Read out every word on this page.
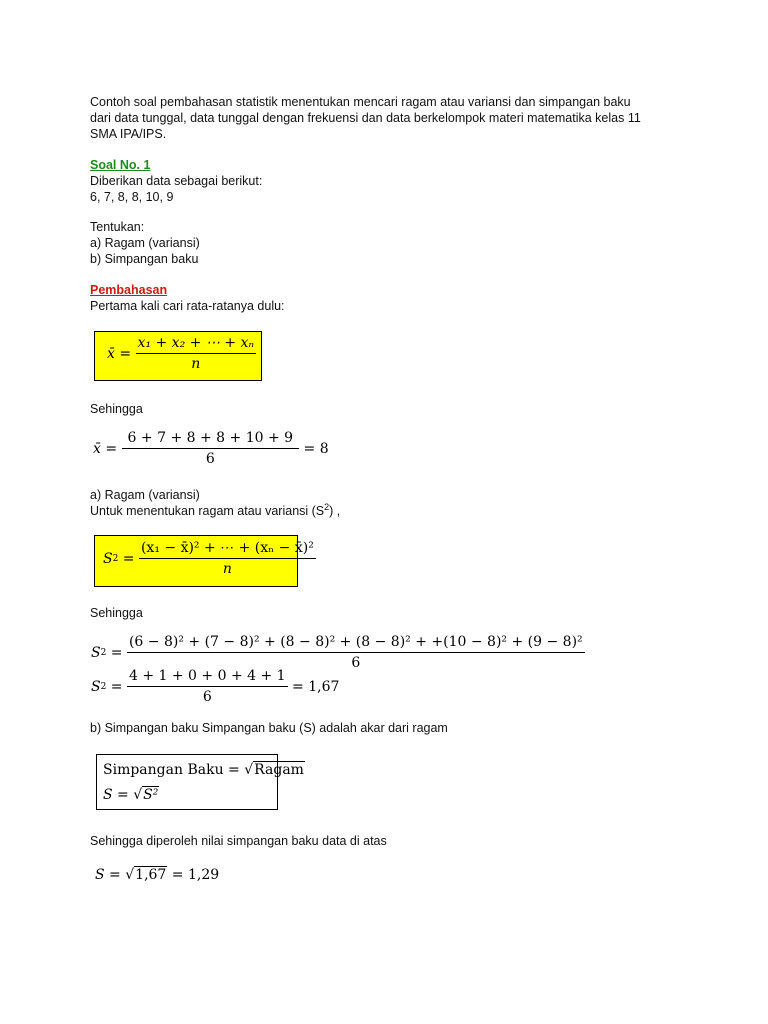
Contoh soal pembahasan statistik menentukan mencari ragam atau variansi dan simpangan baku
dari data tunggal, data tunggal dengan frekuensi dan data berkelompok materi matematika kelas 11
SMA IPA/IPS.
Soal No. 1
Diberikan data sebagai berikut:
6, 7, 8, 8, 10, 9
Tentukan:
a) Ragam (variansi)
b) Simpangan baku
Pembahasan
Pertama kali cari rata-ratanya dulu:
x̄ = $\frac{\text{x₁ + x₂ + ⋯ + xₙ}}{n}$
Sehingga
x̄ = $\frac{6 + 7 + 8 + 8 + 10 + 9}{6}$
= 8
a) Ragam (variansi)
Untuk menentukan ragam atau variansi $(S^2)$ ,
S $2 = \frac{\text{(x₁ − x̄)² + ⋯ + (xₙ − x̄)²}}{n}$
Sehingga
S 2 =
(6 − 8)² + (7 − 8)² + (8 − 8)² + (8 − 8)² + +(10 − 8)² + (9 − 8)²
6
S $2 = \frac{4 + 1 + 0 + 0 + 4 + 1}{6}$
= 1,67
b) Simpangan baku Simpangan baku (S) adalah akar dari ragam
Simpangan Baku = √ Ragam
S = √ S²
Sehingga diperoleh nilai simpangan baku data di atas
S = √ 1,67
= 1,29
